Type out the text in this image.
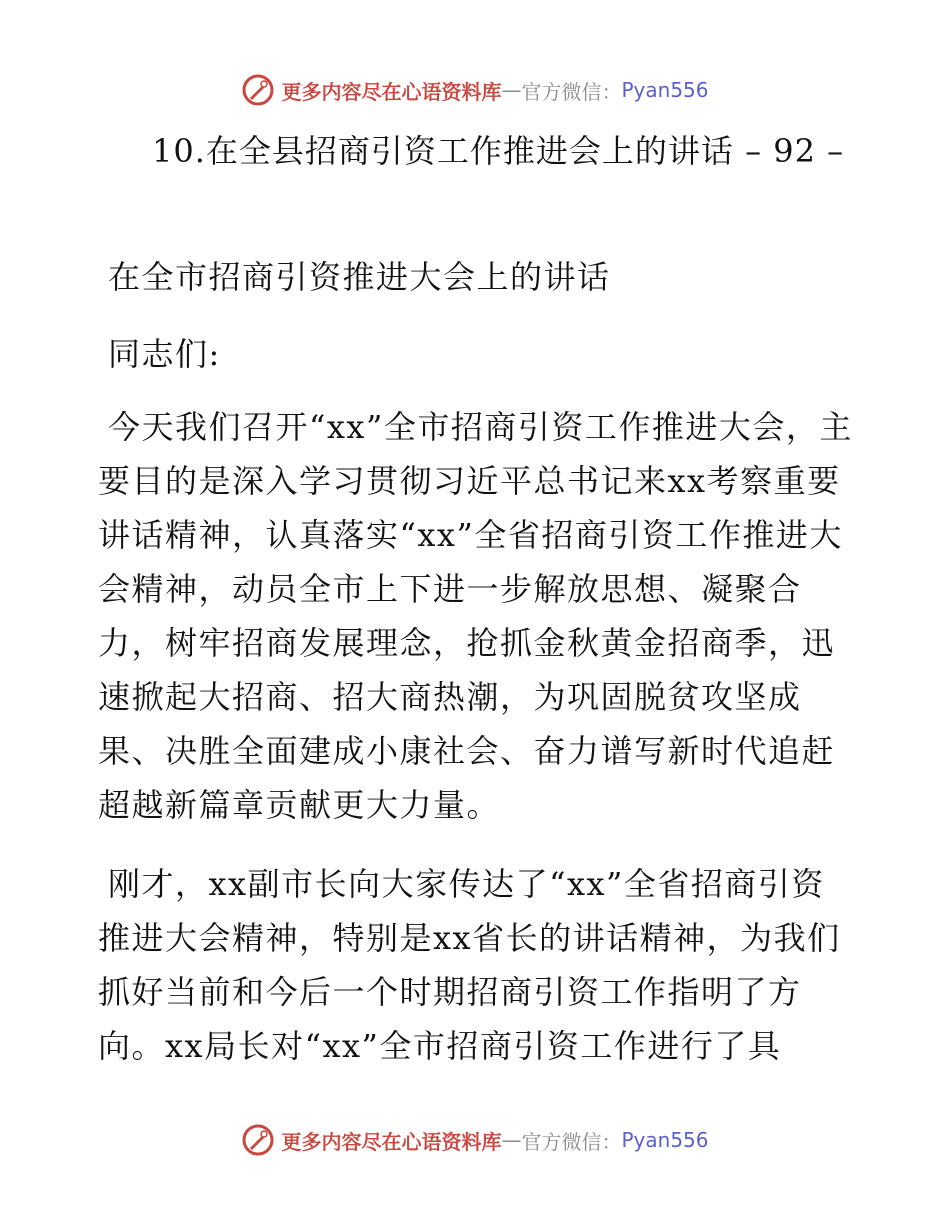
更多内容尽在心语资料库 — 官方微信： Pyan556
10.在全县招商引资工作推进会上的讲话 – 92 –
在全市招商引资推进大会上的讲话
同志们:
今天我们召开“xx”全市招商引资工作推进大会，主要目的是深入学习贯彻习近平总书记来xx考察重要讲话精神，认真落实“xx”全省招商引资工作推进大会精神，动员全市上下进一步解放思想、凝聚合力，树牢招商发展理念，抢抓金秋黄金招商季，迅速掀起大招商、招大商热潮，为巩固脱贫攻坚成果、决胜全面建成小康社会、奋力谱写新时代追赶超越新篇章贡献更大力量。
刚才，xx副市长向大家传达了“xx”全省招商引资推进大会精神，特别是xx省长的讲话精神，为我们抓好当前和今后一个时期招商引资工作指明了方向。xx局长对“xx”全市招商引资工作进行了具
更多内容尽在心语资料库 — 官方微信： Pyan556
